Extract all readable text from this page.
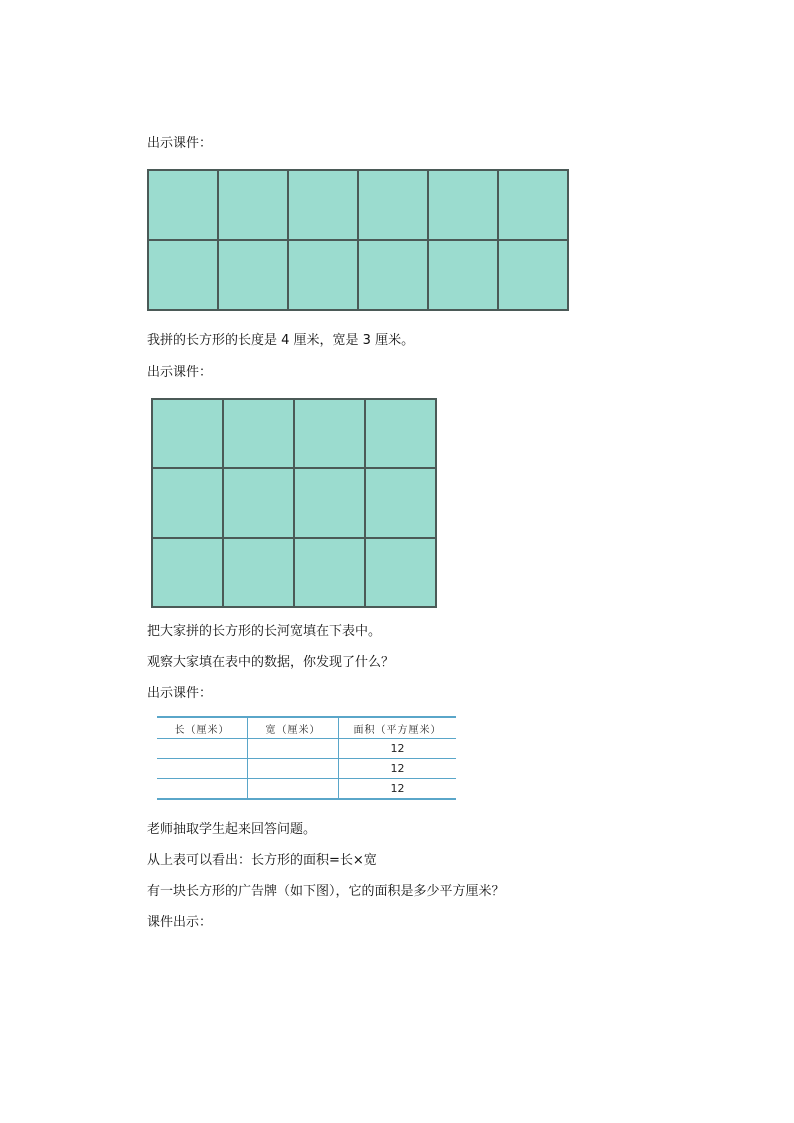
出示课件：

我拼的长方形的长度是 4 厘米，宽是 3 厘米。
出示课件：

把大家拼的长方形的长河宽填在下表中。
观察大家填在表中的数据，你发现了什么？
出示课件：
长（厘米）	宽（厘米）	面积（平方厘米）
		12
		12
		12
老师抽取学生起来回答问题。
从上表可以看出：长方形的面积=长×宽
有一块长方形的广告牌（如下图），它的面积是多少平方厘米？
课件出示：
